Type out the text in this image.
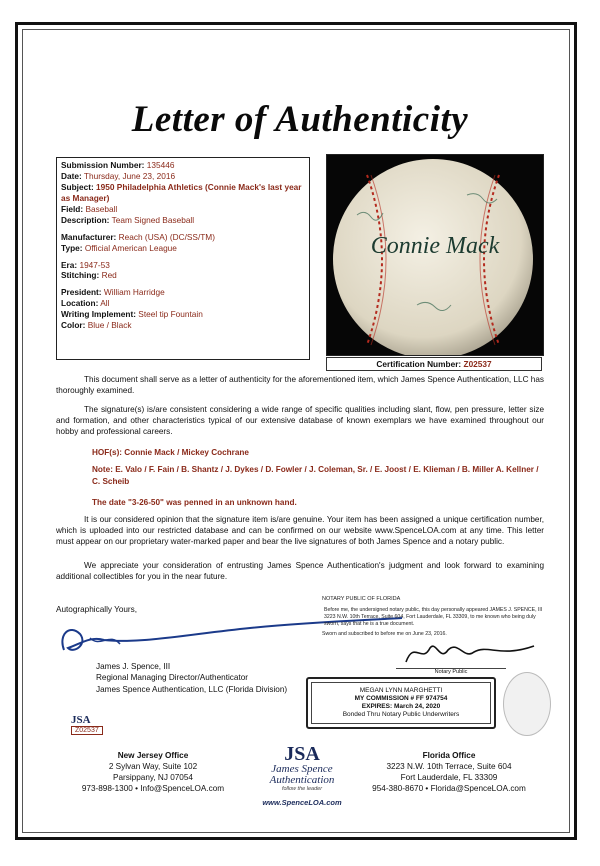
Letter of Authenticity
Submission Number: 135446
Date: Thursday, June 23, 2016
Subject: 1950 Philadelphia Athletics (Connie Mack's last year as Manager)
Field: Baseball
Description: Team Signed Baseball
Manufacturer: Reach (USA) (DC/SS/TM)
Type: Official American League
Era: 1947-53
Stitching: Red
President: William Harridge
Location: All
Writing Implement: Steel tip Fountain
Color: Blue / Black
Connie Mack
Certification Number: Z02537
This document shall serve as a letter of authenticity for the aforementioned item, which James Spence Authentication, LLC has thoroughly examined.
The signature(s) is/are consistent considering a wide range of specific qualities including slant, flow, pen pressure, letter size and formation, and other characteristics typical of our extensive database of known exemplars we have examined throughout our hobby and professional careers.
HOF(s): Connie Mack / Mickey Cochrane
Note: E. Valo / F. Fain / B. Shantz / J. Dykes / D. Fowler / J. Coleman, Sr. / E. Joost / E. Klieman / B. Miller A. Kellner / C. Scheib
The date "3-26-50" was penned in an unknown hand.
It is our considered opinion that the signature item is/are genuine. Your item has been assigned a unique certification number, which is uploaded into our restricted database and can be confirmed on our website www.SpenceLOA.com at any time. This letter must appear on our proprietary water-marked paper and bear the live signatures of both James Spence and a notary public.
We appreciate your consideration of entrusting James Spence Authentication's judgment and look forward to examining additional collectibles for you in the near future.
Autographically Yours,
James J. Spence, III
Regional Managing Director/Authenticator
James Spence Authentication, LLC (Florida Division)
JSA
Z02537
NOTARY PUBLIC OF FLORIDA
Before me, the undersigned notary public, this day personally appeared JAMES J. SPENCE, III 3223 N.W. 10th Terrace, Suite 604, Fort Lauderdale, FL 33309, to me known who being duly sworn, says that he is a true document.
Sworn and subscribed to before me on June 23, 2016.
Notary Public
MEGAN LYNN MARGHETTI
MY COMMISSION # FF 974754
EXPIRES: March 24, 2020
Bonded Thru Notary Public Underwriters
New Jersey Office
2 Sylvan Way, Suite 102
Parsippany, NJ 07054
973-898-1300 • Info@SpenceLOA.com
JSA
James Spence Authentication
follow the leader
www.SpenceLOA.com
Florida Office
3223 N.W. 10th Terrace, Suite 604
Fort Lauderdale, FL 33309
954-380-8670 • Florida@SpenceLOA.com
